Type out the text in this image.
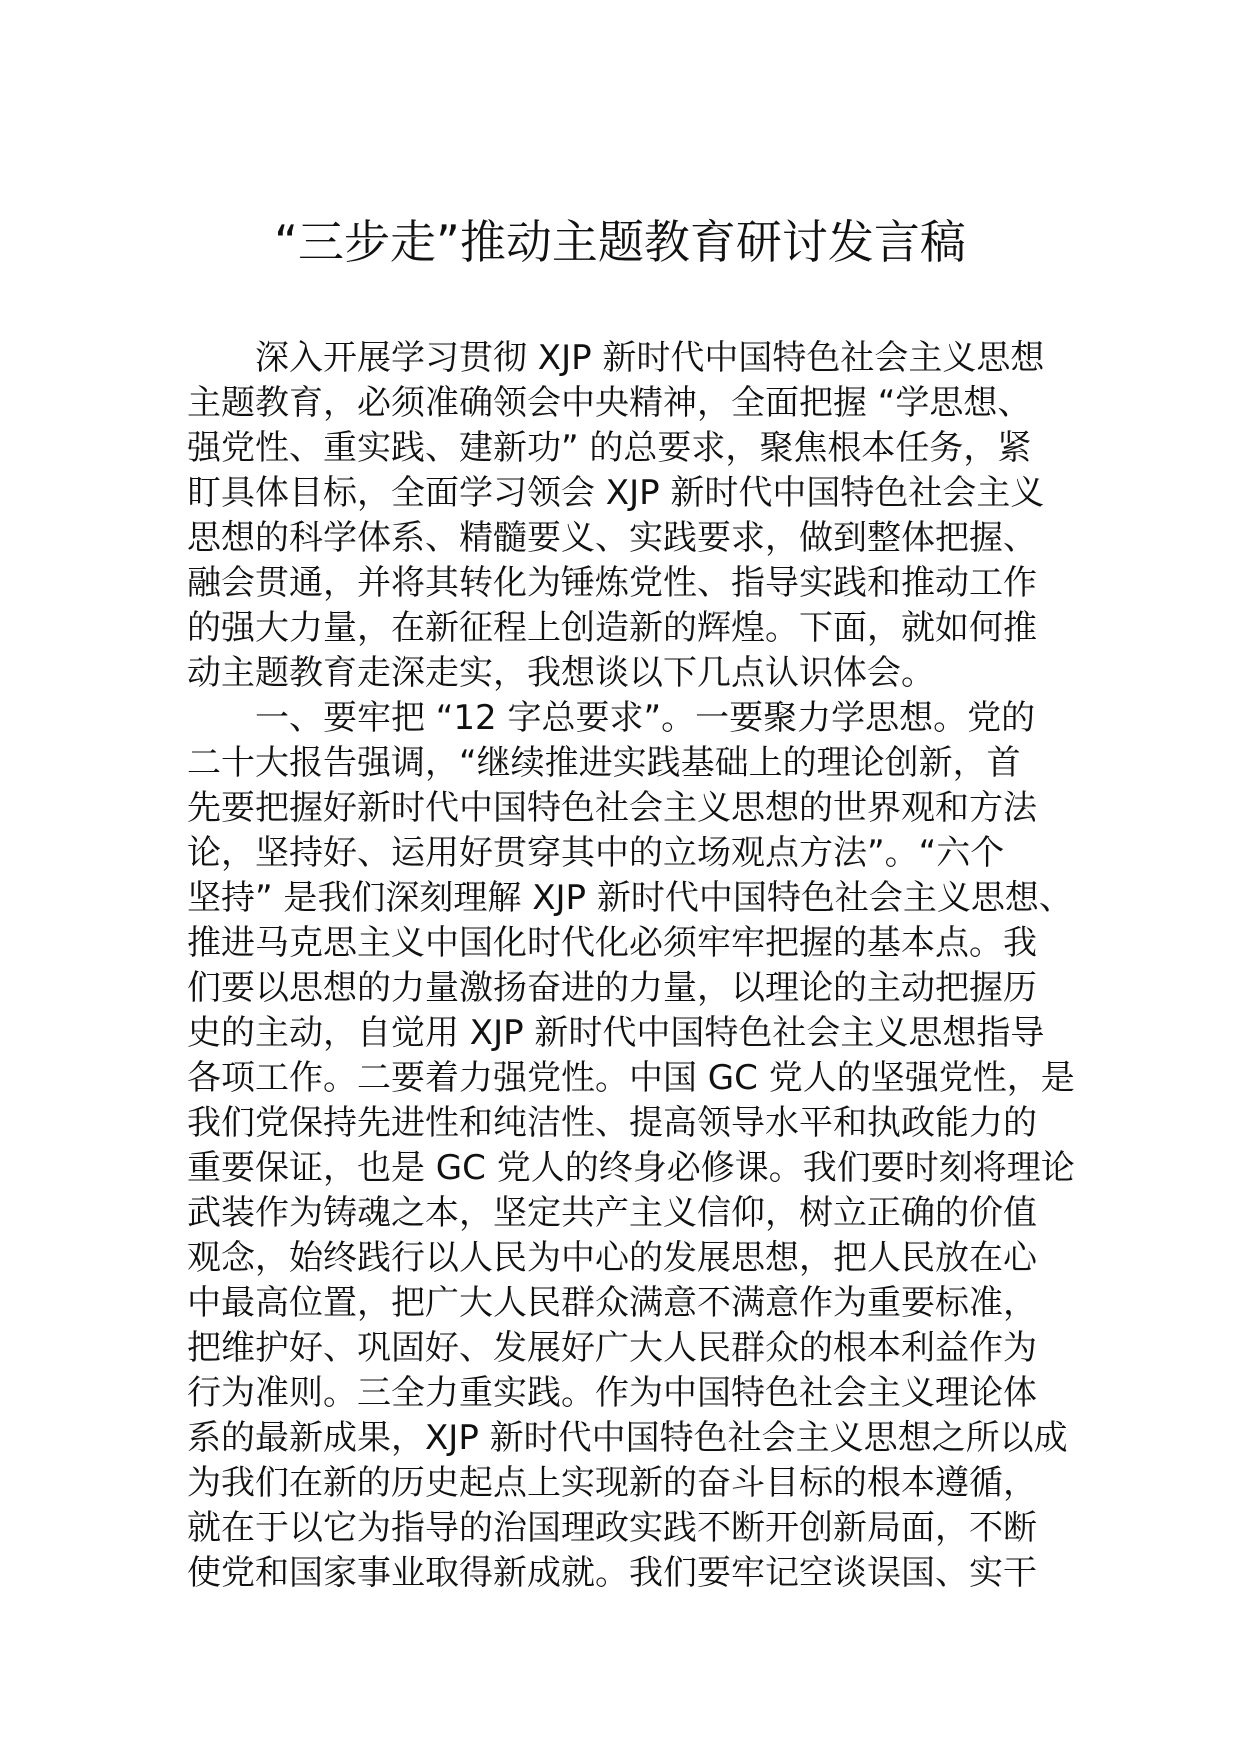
“三步走”推动主题教育研讨发言稿
深入开展学习贯彻 XJP 新时代中国特色社会主义思想
主题教育，必须准确领会中央精神，全面把握 “学思想、
强党性、重实践、建新功” 的总要求，聚焦根本任务，紧
盯具体目标，全面学习领会 XJP 新时代中国特色社会主义
思想的科学体系、精髓要义、实践要求，做到整体把握、
融会贯通，并将其转化为锤炼党性、指导实践和推动工作
的强大力量，在新征程上创造新的辉煌。下面，就如何推
动主题教育走深走实，我想谈以下几点认识体会。
一、要牢把 “12 字总要求”。一要聚力学思想。党的
二十大报告强调，“继续推进实践基础上的理论创新，首
先要把握好新时代中国特色社会主义思想的世界观和方法
论，坚持好、运用好贯穿其中的立场观点方法”。“六个
坚持” 是我们深刻理解 XJP 新时代中国特色社会主义思想、
推进马克思主义中国化时代化必须牢牢把握的基本点。我
们要以思想的力量激扬奋进的力量，以理论的主动把握历
史的主动，自觉用 XJP 新时代中国特色社会主义思想指导
各项工作。二要着力强党性。中国 GC 党人的坚强党性，是
我们党保持先进性和纯洁性、提高领导水平和执政能力的
重要保证，也是 GC 党人的终身必修课。我们要时刻将理论
武装作为铸魂之本，坚定共产主义信仰，树立正确的价值
观念，始终践行以人民为中心的发展思想，把人民放在心
中最高位置，把广大人民群众满意不满意作为重要标准，
把维护好、巩固好、发展好广大人民群众的根本利益作为
行为准则。三全力重实践。作为中国特色社会主义理论体
系的最新成果，XJP 新时代中国特色社会主义思想之所以成
为我们在新的历史起点上实现新的奋斗目标的根本遵循，
就在于以它为指导的治国理政实践不断开创新局面，不断
使党和国家事业取得新成就。我们要牢记空谈误国、实干
